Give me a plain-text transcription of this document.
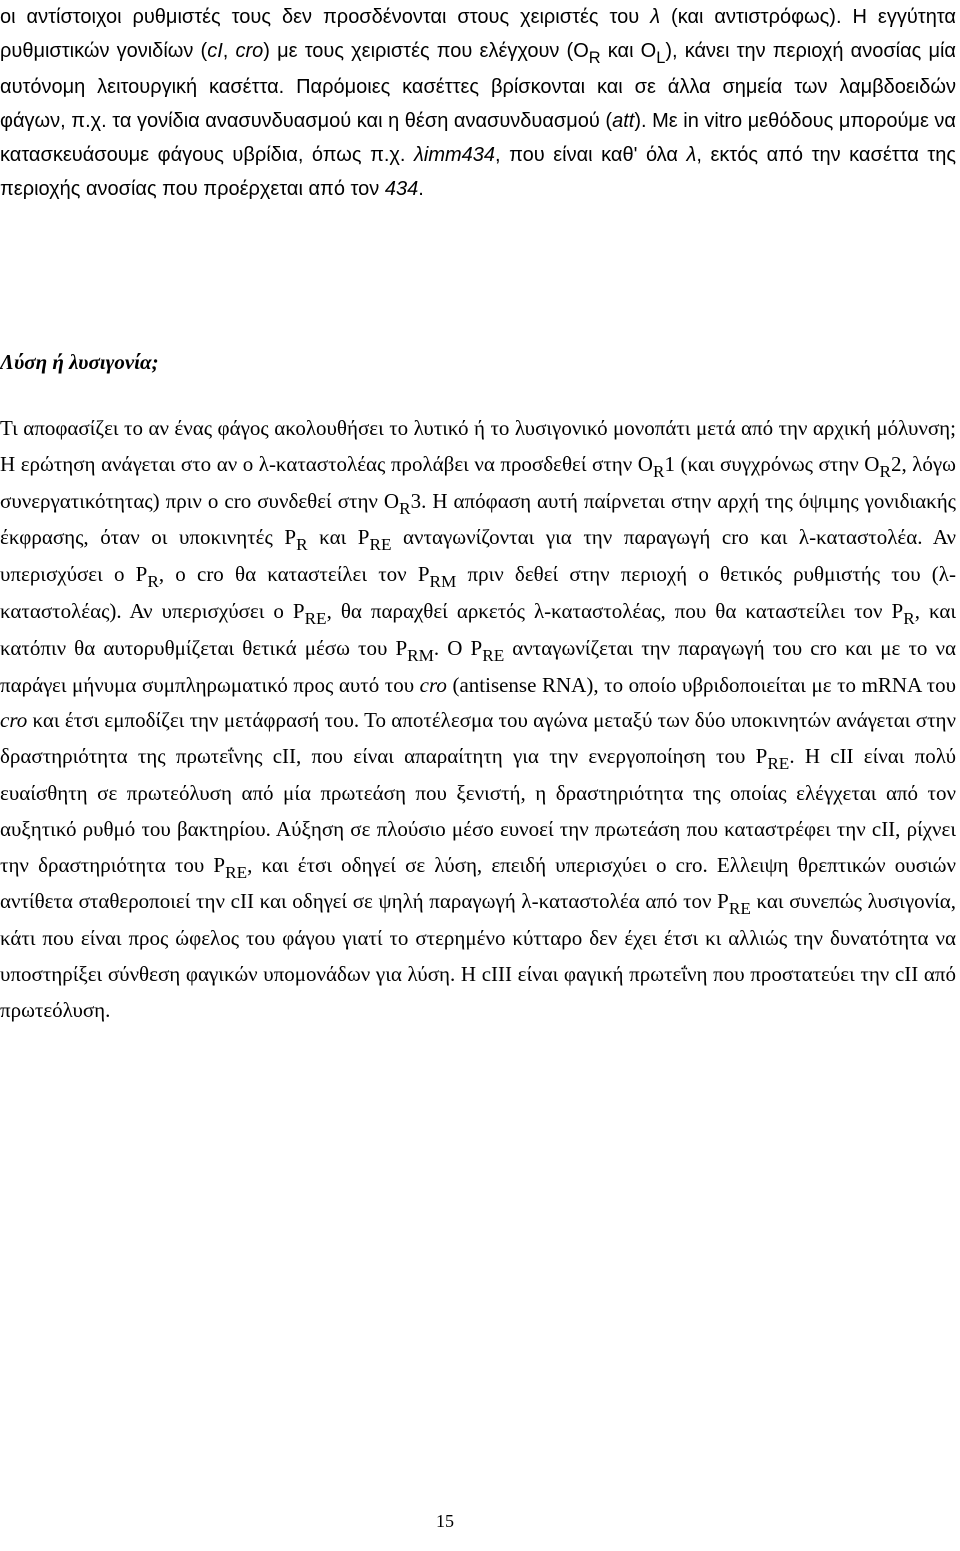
οι αντίστοιχοι ρυθμιστές τους δεν προσδένονται στους χειριστές του λ (και αντιστρόφως). Η εγγύτητα ρυθμιστικών γονιδίων (cI, cro) με τους χειριστές που ελέγχουν ($O_R$ και $O_L$), κάνει την περιοχή ανοσίας μία αυτόνομη λειτουργική κασέττα. Παρόμοιες κασέττες βρίσκονται και σε άλλα σημεία των λαμβδοειδών φάγων, π.χ. τα γονίδια ανασυνδυασμού και η θέση ανασυνδυασμού (att). Με in vitro μεθόδους μπορούμε να κατασκευάσουμε φάγους υβρίδια, όπως π.χ. λimm434, που είναι καθ' όλα λ, εκτός από την κασέττα της περιοχής ανοσίας που προέρχεται από τον 434.

Λύση ή λυσιγονία;

Τι αποφασίζει το αν ένας φάγος ακολουθήσει το λυτικό ή το λυσιγονικό μονοπάτι μετά από την αρχική μόλυνση; Η ερώτηση ανάγεται στο αν ο λ-καταστολέας προλάβει να προσδεθεί στην $O_R1$ (και συγχρόνως στην $O_R2$, λόγω συνεργατικότητας) πριν ο cro συνδεθεί στην $O_R3$. Η απόφαση αυτή παίρνεται στην αρχή της όψιμης γονιδιακής έκφρασης, όταν οι υποκινητές $P_R$ και $P_{RE}$ ανταγωνίζονται για την παραγωγή cro και λ-καταστολέα. Αν υπερισχύσει ο $P_R$, ο cro θα καταστείλει τον $P_{RM}$ πριν δεθεί στην περιοχή ο θετικός ρυθμιστής του (λ-καταστολέας). Αν υπερισχύσει ο $P_{RE}$, θα παραχθεί αρκετός λ-καταστολέας, που θα καταστείλει τον $P_R$, και κατόπιν θα αυτορυθμίζεται θετικά μέσω του $P_{RM}$. Ο $P_{RE}$ ανταγωνίζεται την παραγωγή του cro και με το να παράγει μήνυμα συμπληρωματικό προς αυτό του cro (antisense RNA), το οποίο υβριδοποιείται με το mRNA του cro και έτσι εμποδίζει την μετάφρασή του. Το αποτέλεσμα του αγώνα μεταξύ των δύο υποκινητών ανάγεται στην δραστηριότητα της πρωτεΐνης cII, που είναι απαραίτητη για την ενεργοποίηση του $P_{RE}$. Η cII είναι πολύ ευαίσθητη σε πρωτεόλυση από μία πρωτεάση που ξενιστή, η δραστηριότητα της οποίας ελέγχεται από τον αυξητικό ρυθμό του βακτηρίου. Αύξηση σε πλούσιο μέσο ευνοεί την πρωτεάση που καταστρέφει την cII, ρίχνει την δραστηριότητα του $P_{RE}$, και έτσι οδηγεί σε λύση, επειδή υπερισχύει ο cro. Ελλειψη θρεπτικών ουσιών αντίθετα σταθεροποιεί την cII και οδηγεί σε ψηλή παραγωγή λ-καταστολέα από τον $P_{RE}$ και συνεπώς λυσιγονία, κάτι που είναι προς ώφελος του φάγου γιατί το στερημένο κύτταρο δεν έχει έτσι κι αλλιώς την δυνατότητα να υποστηρίξει σύνθεση φαγικών υπομονάδων για λύση. Η cIII είναι φαγική πρωτεΐνη που προστατεύει την cII από πρωτεόλυση.

15
